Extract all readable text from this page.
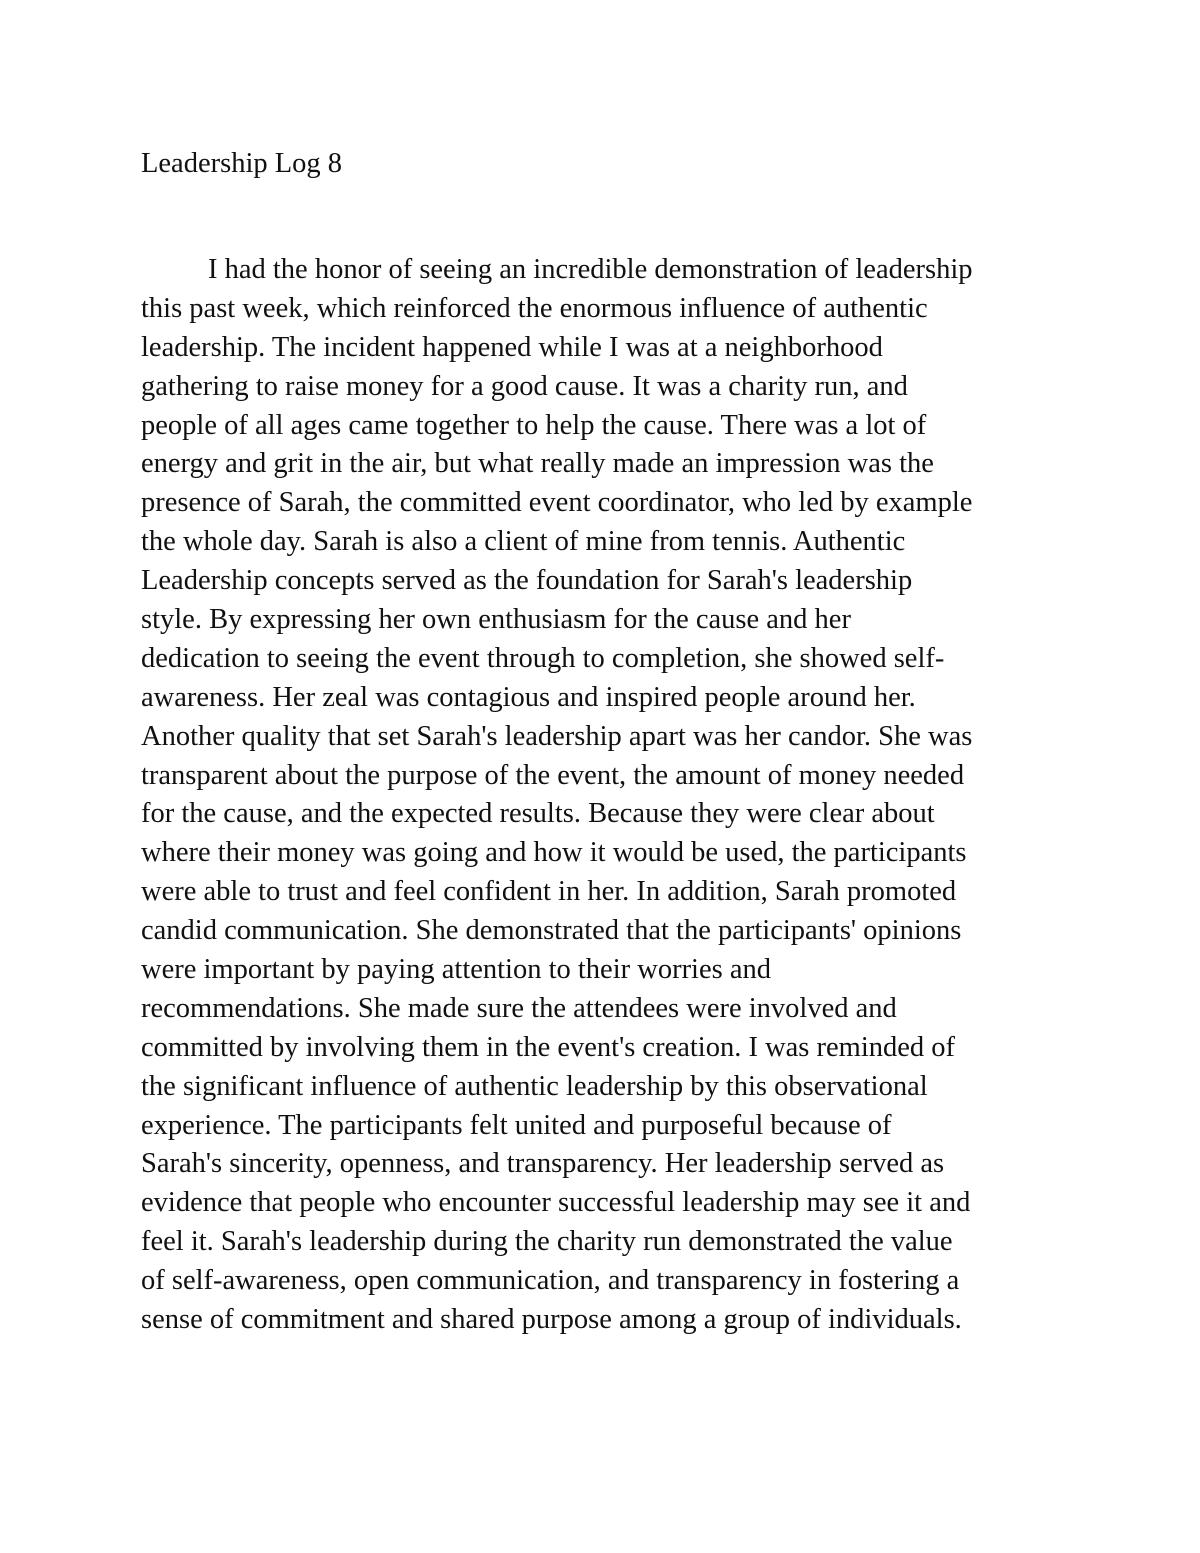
Leadership Log 8
I had the honor of seeing an incredible demonstration of leadership
this past week, which reinforced the enormous influence of authentic
leadership. The incident happened while I was at a neighborhood
gathering to raise money for a good cause. It was a charity run, and
people of all ages came together to help the cause. There was a lot of
energy and grit in the air, but what really made an impression was the
presence of Sarah, the committed event coordinator, who led by example
the whole day. Sarah is also a client of mine from tennis. Authentic
Leadership concepts served as the foundation for Sarah's leadership
style. By expressing her own enthusiasm for the cause and her
dedication to seeing the event through to completion, she showed self-
awareness. Her zeal was contagious and inspired people around her.
Another quality that set Sarah's leadership apart was her candor. She was
transparent about the purpose of the event, the amount of money needed
for the cause, and the expected results. Because they were clear about
where their money was going and how it would be used, the participants
were able to trust and feel confident in her. In addition, Sarah promoted
candid communication. She demonstrated that the participants' opinions
were important by paying attention to their worries and
recommendations. She made sure the attendees were involved and
committed by involving them in the event's creation. I was reminded of
the significant influence of authentic leadership by this observational
experience. The participants felt united and purposeful because of
Sarah's sincerity, openness, and transparency. Her leadership served as
evidence that people who encounter successful leadership may see it and
feel it. Sarah's leadership during the charity run demonstrated the value
of self-awareness, open communication, and transparency in fostering a
sense of commitment and shared purpose among a group of individuals.
